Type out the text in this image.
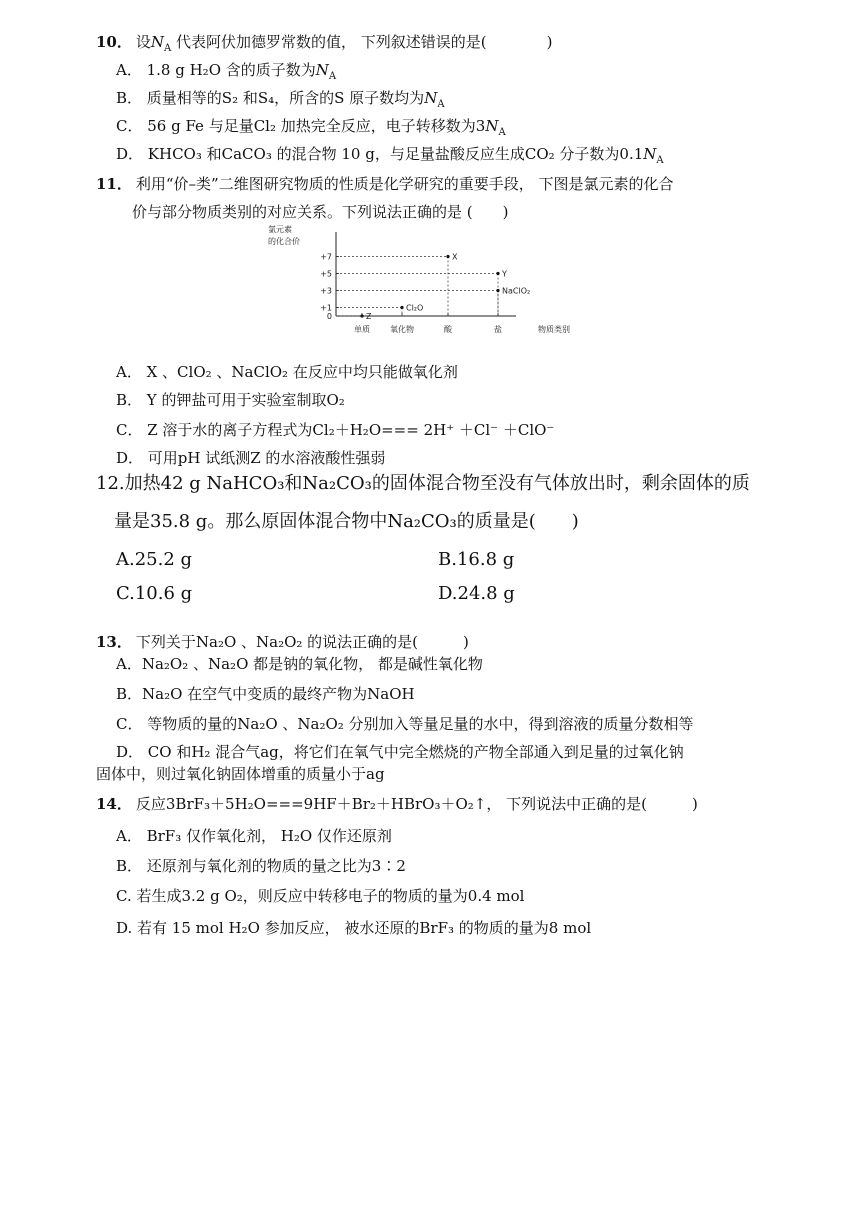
10． 设$N_A$ 代表阿伏加德罗常数的值， 下列叙述错误的是(　　　　)
A． 1.8 g H₂O 含的质子数为$N_A$
B． 质量相等的S₂ 和S₄，所含的S 原子数均为$N_A$
C． 56 g Fe 与足量Cl₂ 加热完全反应，电子转移数为$3N_A$
D． KHCO₃ 和CaCO₃ 的混合物 10 g，与足量盐酸反应生成CO₂ 分子数为$0.1N_A$
11． 利用“价–类”二维图研究物质的性质是化学研究的重要手段， 下图是氯元素的化合
价与部分物质类别的对应关系。下列说法正确的是 (　　)
氯元素
的化合价
+7
+5
+3
+1
0
单质	氧化物	酸	盐	物质类别
Z
Cl₂O
X
Y
NaClO₂
A． X 、ClO₂ 、NaClO₂ 在反应中均只能做氧化剂
B． Y 的钾盐可用于实验室制取O₂
C． Z 溶于水的离子方程式为Cl₂＋H₂O=== 2H⁺ ＋Cl⁻ ＋ClO⁻
D． 可用pH 试纸测Z 的水溶液酸性强弱
12.加热42 g NaHCO₃和Na₂CO₃的固体混合物至没有气体放出时，剩余固体的质
量是35.8 g。那么原固体混合物中Na₂CO₃的质量是(　　)
A.25.2 g	B.16.8 g
C.10.6 g	D.24.8 g
13． 下列关于Na₂O 、Na₂O₂ 的说法正确的是(　　　)
A．Na₂O₂ 、Na₂O 都是钠的氧化物， 都是碱性氧化物
B．Na₂O 在空气中变质的最终产物为NaOH
C． 等物质的量的Na₂O 、Na₂O₂ 分别加入等量足量的水中，得到溶液的质量分数相等
D． CO 和H₂ 混合气ag，将它们在氧气中完全燃烧的产物全部通入到足量的过氧化钠
固体中，则过氧化钠固体增重的质量小于ag
14． 反应3BrF₃＋5H₂O===9HF＋Br₂＋HBrO₃＋O₂↑， 下列说法中正确的是(　　　)
A． BrF₃ 仅作氧化剂， H₂O 仅作还原剂
B． 还原剂与氧化剂的物质的量之比为3∶2
C. 若生成3.2 g O₂，则反应中转移电子的物质的量为0.4 mol
D. 若有 15 mol H₂O 参加反应， 被水还原的BrF₃ 的物质的量为8 mol
